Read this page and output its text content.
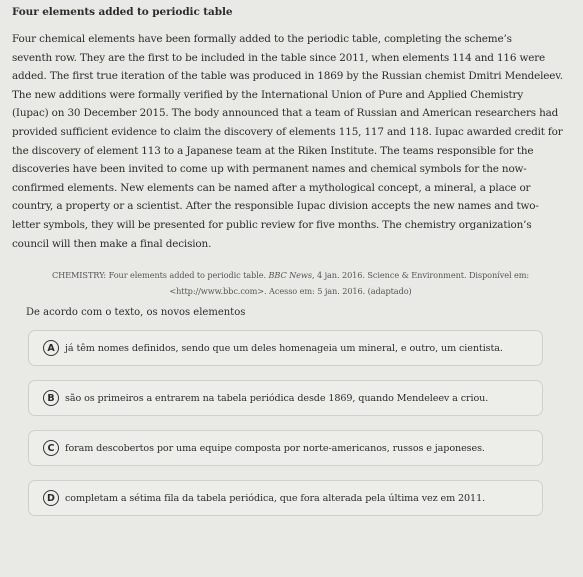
Four elements added to periodic table
Four chemical elements have been formally added to the periodic table, completing the scheme’s
seventh row. They are the first to be included in the table since 2011, when elements 114 and 116 were
added. The first true iteration of the table was produced in 1869 by the Russian chemist Dmitri Mendeleev.
The new additions were formally verified by the International Union of Pure and Applied Chemistry
(Iupac) on 30 December 2015. The body announced that a team of Russian and American researchers had
provided sufficient evidence to claim the discovery of elements 115, 117 and 118. Iupac awarded credit for
the discovery of element 113 to a Japanese team at the Riken Institute. The teams responsible for the
discoveries have been invited to come up with permanent names and chemical symbols for the now-
confirmed elements. New elements can be named after a mythological concept, a mineral, a place or
country, a property or a scientist. After the responsible Iupac division accepts the new names and two-
letter symbols, they will be presented for public review for five months. The chemistry organization’s
council will then make a final decision.
CHEMISTRY: Four elements added to periodic table. BBC News, 4 jan. 2016. Science & Environment. Disponível em:
<http://www.bbc.com>. Acesso em: 5 jan. 2016. (adaptado)
De acordo com o texto, os novos elementos
A	já têm nomes definidos, sendo que um deles homenageia um mineral, e outro, um cientista.
B	são os primeiros a entrarem na tabela periódica desde 1869, quando Mendeleev a criou.
C	foram descobertos por uma equipe composta por norte-americanos, russos e japoneses.
D	completam a sétima fila da tabela periódica, que fora alterada pela última vez em 2011.
